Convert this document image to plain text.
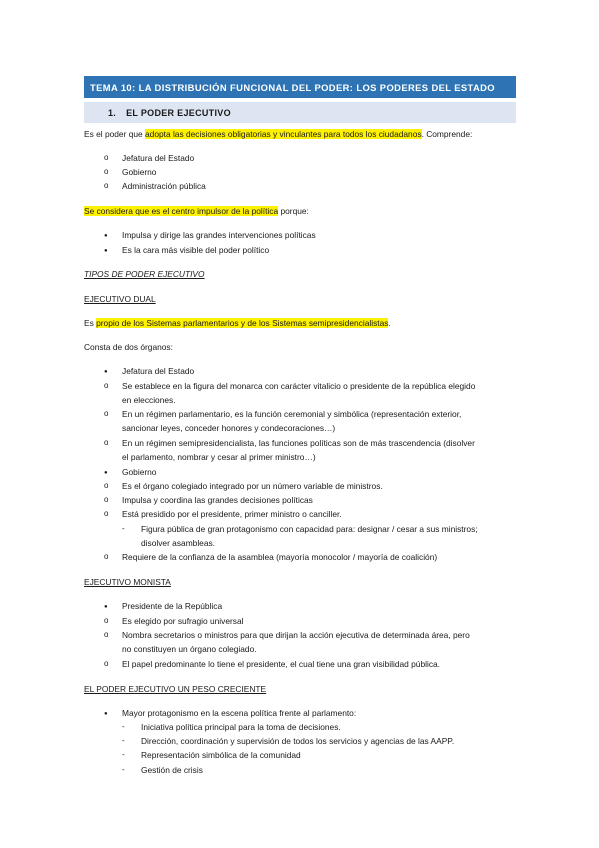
TEMA 10: LA DISTRIBUCIÓN FUNCIONAL DEL PODER: LOS PODERES DEL ESTADO
1. EL PODER EJECUTIVO
Es el poder que adopta las decisiones obligatorias y vinculantes para todos los ciudadanos. Comprende:
o
Jefatura del Estado
o
Gobierno
o
Administración pública
Se considera que es el centro impulsor de la política porque:
●
Impulsa y dirige las grandes intervenciones políticas
●
Es la cara más visible del poder político
TIPOS DE PODER EJECUTIVO
EJECUTIVO DUAL
Es propio de los Sistemas parlamentarios y de los Sistemas semipresidencialistas.
Consta de dos órganos:
●
Jefatura del Estado
o
Se establece en la figura del monarca con carácter vitalicio o presidente de la república elegido
en elecciones.
o
En un régimen parlamentario, es la función ceremonial y simbólica (representación exterior,
sancionar leyes, conceder honores y condecoraciones…)
o
En un régimen semipresidencialista, las funciones políticas son de más trascendencia (disolver
el parlamento, nombrar y cesar al primer ministro…)
●
Gobierno
o
Es el órgano colegiado integrado por un número variable de ministros.
o
Impulsa y coordina las grandes decisiones políticas
o
Está presidido por el presidente, primer ministro o canciller.
-
Figura pública de gran protagonismo con capacidad para: designar / cesar a sus ministros;
disolver asambleas.
o
Requiere de la confianza de la asamblea (mayoría monocolor / mayoría de coalición)
EJECUTIVO MONISTA
●
Presidente de la República
o
Es elegido por sufragio universal
o
Nombra secretarios o ministros para que dirijan la acción ejecutiva de determinada área, pero
no constituyen un órgano colegiado.
o
El papel predominante lo tiene el presidente, el cual tiene una gran visibilidad pública.
EL PODER EJECUTIVO UN PESO CRECIENTE
●
Mayor protagonismo en la escena política frente al parlamento:
-
Iniciativa política principal para la toma de decisiones.
-
Dirección, coordinación y supervisión de todos los servicios y agencias de las AAPP.
-
Representación simbólica de la comunidad
-
Gestión de crisis
